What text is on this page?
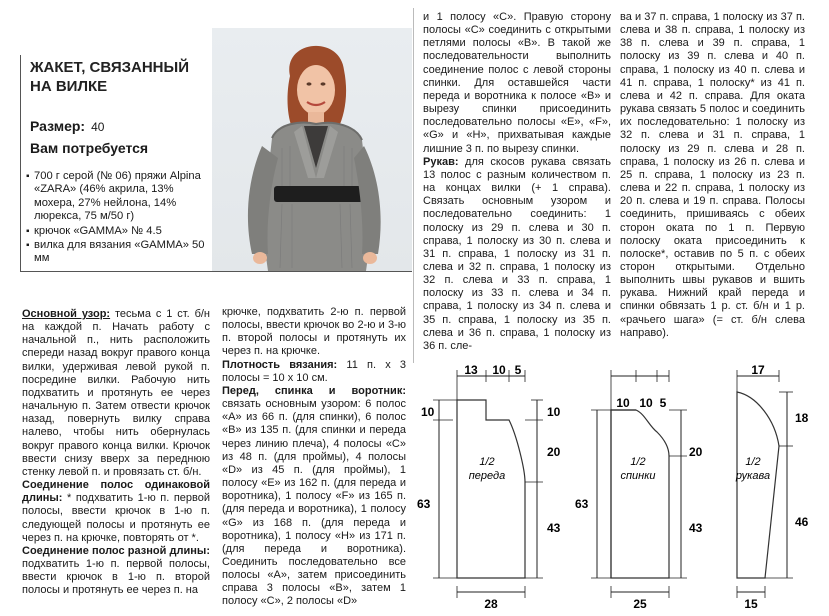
ЖАКЕТ, СВЯЗАННЫЙ НА ВИЛКЕ
Размер: 40
Вам потребуется
▪ 700 г серой (№ 06) пряжи Alpina «ZARA» (46% акрила, 13% мохера, 27% нейлона, 14% люрекса, 75 м/50 г)
▪ крючок «GAMMA» № 4.5
▪ вилка для вязания «GAMMA» 50 мм
Основной узор: тесьма с 1 ст. б/н на каждой п. Начать работу с начальной п., нить расположить спереди назад вокруг правого конца вилки, удерживая левой рукой п. посредине вилки. Рабочую нить подхватить и протянуть ее через начальную п. Затем отвести крючок назад, повернуть вилку справа налево, чтобы нить обернулась вокруг правого конца вилки. Крючок ввести снизу вверх за переднюю стенку левой п. и провязать ст. б/н.
Соединение полос одинаковой длины: * подхватить 1-ю п. первой полосы, ввести крючок в 1-ю п. следующей полосы и протянуть ее через п. на крючке, повторять от *.
Соединение полос разной длины: подхватить 1-ю п. первой полосы, ввести крючок в 1-ю п. второй полосы и протянуть ее через п. на
крючке, подхватить 2-ю п. первой полосы, ввести крючок во 2-ю и 3-ю п. второй полосы и протянуть их через п. на крючке.
Плотность вязания: 11 п. х 3 полосы = 10 х 10 см.
Перед, спинка и воротник: связать основным узором: 6 полос «А» из 66 п. (для спинки), 6 полос «В» из 135 п. (для спинки и переда через линию плеча), 4 полосы «С» из 48 п. (для проймы), 4 полосы «D» из 45 п. (для проймы), 1 полосу «Е» из 162 п. (для переда и воротника), 1 полосу «F» из 165 п. (для переда и воротника), 1 полосу «G» из 168 п. (для переда и воротника), 1 полосу «Н» из 171 п. (для переда и воротника). Соединить последовательно все полосы «А», затем присоединить справа 3 полосы «В», затем 1 полосу «С», 2 полосы «D»
и 1 полосу «С». Правую сторону полосы «С» соединить с открытыми петлями полосы «В». В такой же последовательности выполнить соединение полос с левой стороны спинки. Для оставшейся части переда и воротника к полосе «В» и вырезу спинки присоединить последовательно полосы «Е», «F», «G» и «Н», прихватывая каждые лишние 3 п. по вырезу спинки.
Рукав: для скосов рукава связать 13 полос с разным количеством п. на концах вилки (+ 1 справа). Связать основным узором и последовательно соединить: 1 полоску из 29 п. слева и 30 п. справа, 1 полоску из 30 п. слева и 31 п. справа, 1 полоску из 31 п. слева и 32 п. справа, 1 полоску из 32 п. слева и 33 п. справа, 1 полоску из 33 п. слева и 34 п. справа, 1 полоску из 34 п. слева и 35 п. справа, 1 полоску из 35 п. слева и 36 п. справа, 1 полоску из 36 п. сле-
ва и 37 п. справа, 1 полоску из 37 п. слева и 38 п. справа, 1 полоску из 38 п. слева и 39 п. справа, 1 полоску из 39 п. слева и 40 п. справа, 1 полоску из 40 п. слева и 41 п. справа, 1 полоску* из 41 п. слева и 42 п. справа. Для оката рукава связать 5 полос и соединить их последовательно: 1 полоску из 32 п. слева и 31 п. справа, 1 полоску из 29 п. слева и 28 п. справа, 1 полоску из 26 п. слева и 25 п. справа, 1 полоску из 23 п. слева и 22 п. справа, 1 полоску из 20 п. слева и 19 п. справа. Полосы соединить, пришиваясь с обеих сторон оката по 1 п. Первую полоску оката присоединить к полоске*, оставив по 5 п. с обеих сторон открытыми. Отдельно выполнить швы рукавов и вшить рукава. Нижний край переда и спинки обвязать 1 р. ст. б/н и 1 р. «рачьего шага» (= ст. б/н слева направо).
13 10 5
10
63
10
20
43
28
1/2
переда
10 10 5
63
20
43
25
1/2
спинки
17
18
46
15
1/2
рукава
